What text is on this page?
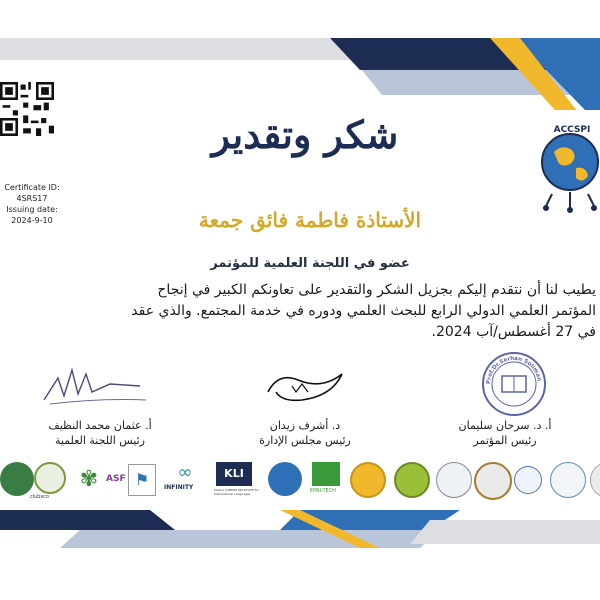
Certificate ID:
4SRS17
Issuing date:
2024-9-10
شكر وتقدير	ACCSPI
الأستاذة فاطمة فائق جمعة
عضو في اللجنة العلمية للمؤتمر
يطيب لنا أن نتقدم إليكم بجزيل الشكر والتقدير على تعاونكم الكبير في إنجاح
المؤتمر العلمي الدولي الرابع للبحث العلمي ودوره في خدمة المجتمع. والذي عقد
في 27 أغسطس/آب 2024.
Prof.Dr.Serhan Soliman
أ. عثمان محمد النظيف
رئيس اللجنة العلمية
د. أشرف زيدان
رئيس مجلس الإدارة
أ. د. سرحان سليمان
رئيس المؤتمر
clubsco
✾ ASF ⚑	∞
INFINITY
KLI
KUALA LUMPUR INSTITUTE for International Languages	EPRI-TECH
